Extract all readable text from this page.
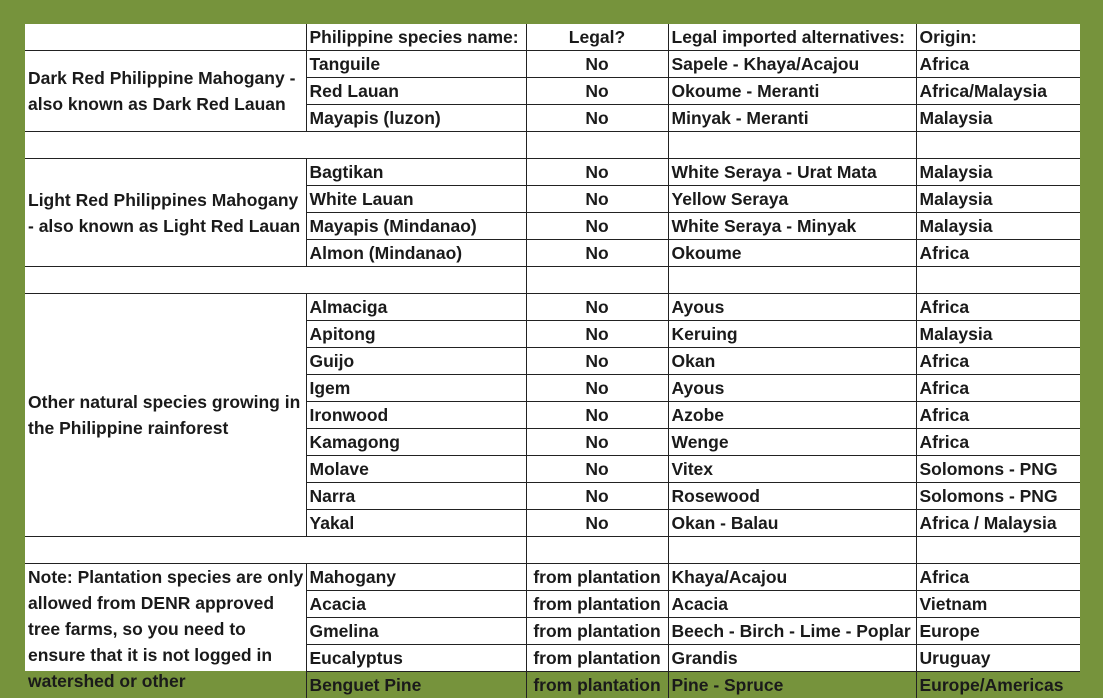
	Philippine species name:	Legal?	Legal imported alternatives:	Origin:
Dark Red Philippine Mahogany - also known as Dark Red Lauan	Tanguile	No	Sapele - Khaya/Acajou	Africa
	Red Lauan	No	Okoume - Meranti	Africa/Malaysia
	Mayapis (luzon)	No	Minyak - Meranti	Malaysia

Light Red Philippines Mahogany - also known as Light Red Lauan	Bagtikan	No	White Seraya - Urat Mata	Malaysia
	White Lauan	No	Yellow Seraya	Malaysia
	Mayapis (Mindanao)	No	White Seraya - Minyak	Malaysia
	Almon (Mindanao)	No	Okoume	Africa

Other natural species growing in the Philippine rainforest	Almaciga	No	Ayous	Africa
	Apitong	No	Keruing	Malaysia
	Guijo	No	Okan	Africa
	Igem	No	Ayous	Africa
	Ironwood	No	Azobe	Africa
	Kamagong	No	Wenge	Africa
	Molave	No	Vitex	Solomons - PNG
	Narra	No	Rosewood	Solomons - PNG
	Yakal	No	Okan - Balau	Africa / Malaysia

Note: Plantation species are only allowed from DENR approved tree farms, so you need to ensure that it is not logged in watershed or other	Mahogany	from plantation	Khaya/Acajou	Africa
	Acacia	from plantation	Acacia	Vietnam
	Gmelina	from plantation	Beech - Birch - Lime - Poplar	Europe
	Eucalyptus	from plantation	Grandis	Uruguay
	Benguet Pine	from plantation	Pine - Spruce	Europe/Americas
